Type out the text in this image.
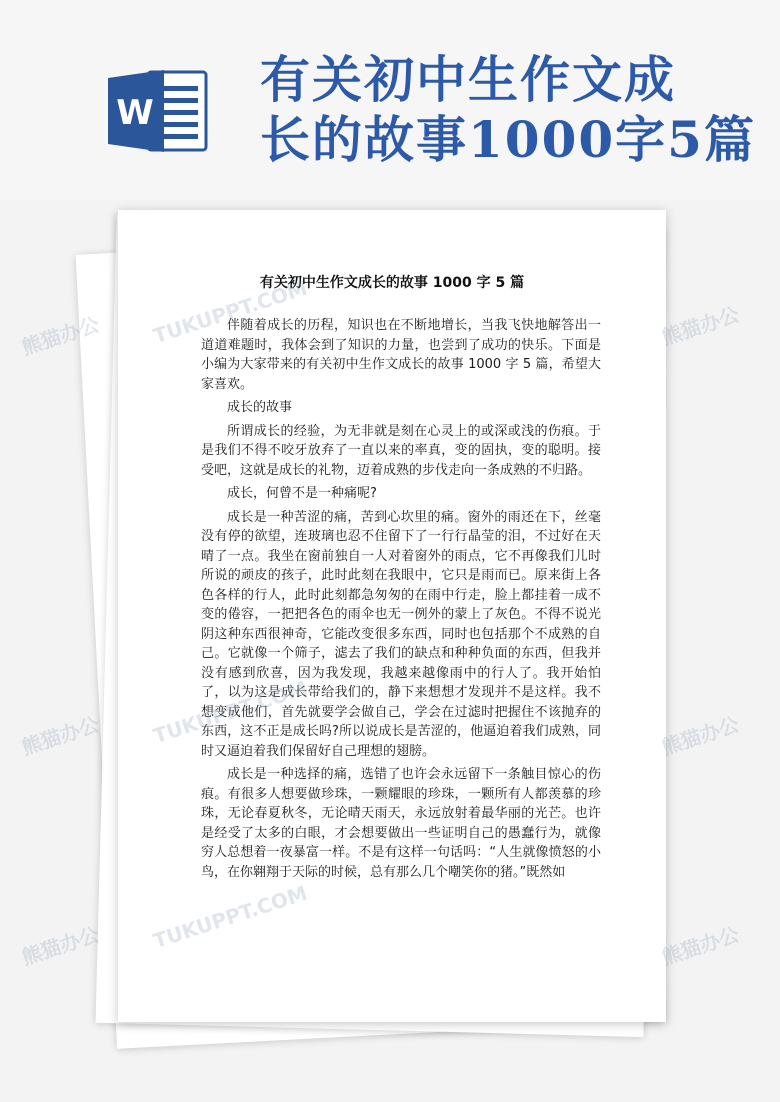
W
有关初中生作文成
长的故事1000字5篇
有关初中生作文成长的故事 1000 字 5 篇

伴随着成长的历程，知识也在不断地增长，当我飞快地解答出一道道难题时，我体会到了知识的力量，也尝到了成功的快乐。下面是小编为大家带来的有关初中生作文成长的故事 1000 字 5 篇，希望大家喜欢。

成长的故事

所谓成长的经验，为无非就是刻在心灵上的或深或浅的伤痕。于是我们不得不咬牙放弃了一直以来的率真，变的固执，变的聪明。接受吧，这就是成长的礼物，迈着成熟的步伐走向一条成熟的不归路。

成长，何曾不是一种痛呢?

成长是一种苦涩的痛，苦到心坎里的痛。窗外的雨还在下，丝毫没有停的欲望，连玻璃也忍不住留下了一行行晶莹的泪，不过好在天晴了一点。我坐在窗前独自一人对着窗外的雨点，它不再像我们儿时所说的顽皮的孩子，此时此刻在我眼中，它只是雨而已。原来街上各色各样的行人，此时此刻都急匆匆的在雨中行走，脸上都挂着一成不变的倦容，一把把各色的雨伞也无一例外的蒙上了灰色。不得不说光阴这种东西很神奇，它能改变很多东西，同时也包括那个不成熟的自己。它就像一个筛子，滤去了我们的缺点和种种负面的东西，但我并没有感到欣喜，因为我发现，我越来越像雨中的行人了。我开始怕了，以为这是成长带给我们的，静下来想想才发现并不是这样。我不想变成他们，首先就要学会做自己，学会在过滤时把握住不该抛弃的东西，这不正是成长吗?所以说成长是苦涩的，他逼迫着我们成熟，同时又逼迫着我们保留好自己理想的翅膀。

成长是一种选择的痛，选错了也许会永远留下一条触目惊心的伤痕。有很多人想要做珍珠，一颗耀眼的珍珠，一颗所有人都羡慕的珍珠，无论春夏秋冬，无论晴天雨天，永远放射着最华丽的光芒。也许是经受了太多的白眼，才会想要做出一些证明自己的愚蠢行为，就像穷人总想着一夜暴富一样。不是有这样一句话吗：“人生就像愤怒的小鸟，在你翱翔于天际的时候，总有那么几个嘲笑你的猪。”既然如

熊猫办公 TUKUPPT.COM	熊猫办公
熊猫办公 TUKUPPT.COM	熊猫办公
熊猫办公 TUKUPPT.COM	熊猫办公
